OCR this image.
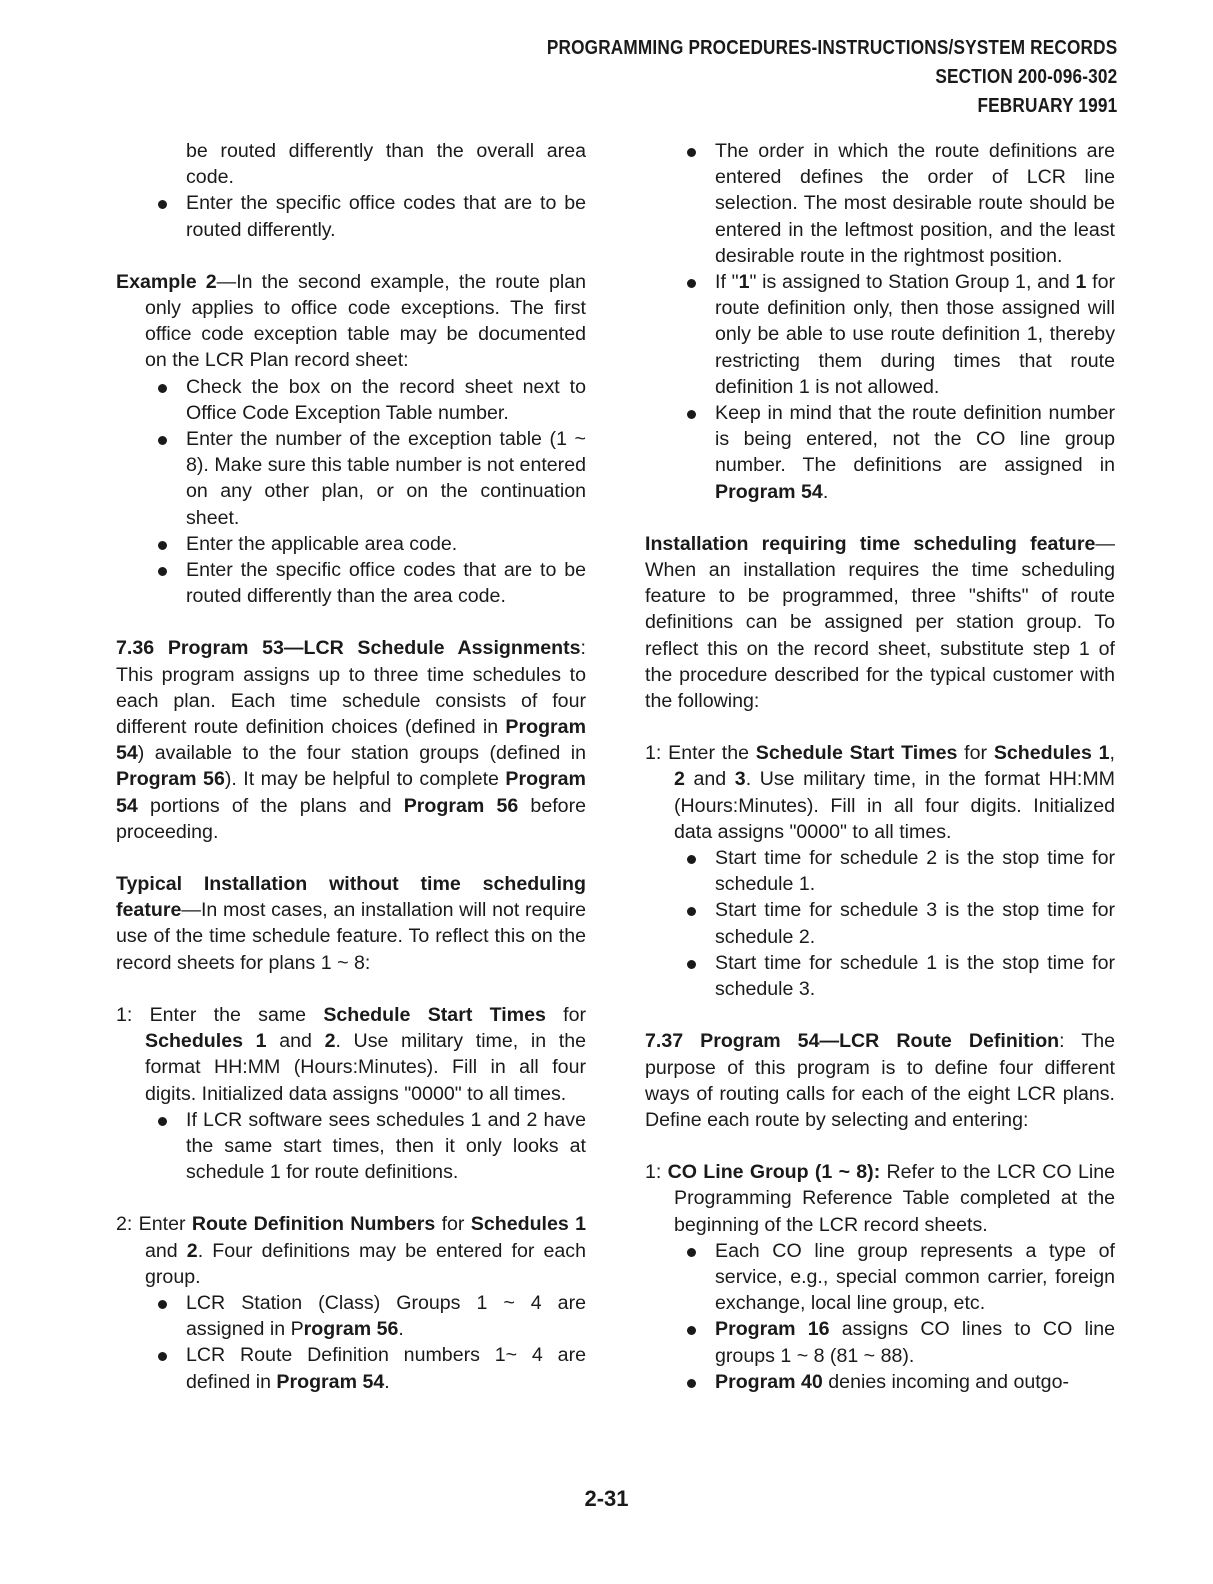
PROGRAMMING PROCEDURES-INSTRUCTIONS/SYSTEM RECORDS
SECTION 200-096-302
FEBRUARY 1991

be routed differently than the overall area code.

Enter the specific office codes that are to be routed differently.

Example 2—In the second example, the route plan only applies to office code exceptions. The first office code exception table may be documented on the LCR Plan record sheet:

Check the box on the record sheet next to Office Code Exception Table number.
Enter the number of the exception table (1 ~ 8). Make sure this table number is not entered on any other plan, or on the continuation sheet.
Enter the applicable area code.
Enter the specific office codes that are to be routed differently than the area code.

7.36 Program 53—LCR Schedule Assignments: This program assigns up to three time schedules to each plan. Each time schedule consists of four different route definition choices (defined in Program 54) available to the four station groups (defined in Program 56). It may be helpful to complete Program 54 portions of the plans and Program 56 before proceeding.

Typical Installation without time scheduling feature—In most cases, an installation will not require use of the time schedule feature. To reflect this on the record sheets for plans 1 ~ 8:

1: Enter the same Schedule Start Times for Schedules 1 and 2. Use military time, in the format HH:MM (Hours:Minutes). Fill in all four digits. Initialized data assigns "0000" to all times.

If LCR software sees schedules 1 and 2 have the same start times, then it only looks at schedule 1 for route definitions.

2: Enter Route Definition Numbers for Schedules 1 and 2. Four definitions may be entered for each group.

LCR Station (Class) Groups 1 ~ 4 are assigned in Program 56.
LCR Route Definition numbers 1~ 4 are defined in Program 54.
The order in which the route definitions are entered defines the order of LCR line selection. The most desirable route should be entered in the leftmost position, and the least desirable route in the rightmost position.
If "1" is assigned to Station Group 1, and 1 for route definition only, then those assigned will only be able to use route definition 1, thereby restricting them during times that route definition 1 is not allowed.
Keep in mind that the route definition number is being entered, not the CO line group number. The definitions are assigned in Program 54.

Installation requiring time scheduling feature—When an installation requires the time scheduling feature to be programmed, three "shifts" of route definitions can be assigned per station group. To reflect this on the record sheet, substitute step 1 of the procedure described for the typical customer with the following:

1: Enter the Schedule Start Times for Schedules 1, 2 and 3. Use military time, in the format HH:MM (Hours:Minutes). Fill in all four digits. Initialized data assigns "0000" to all times.

Start time for schedule 2 is the stop time for schedule 1.
Start time for schedule 3 is the stop time for schedule 2.
Start time for schedule 1 is the stop time for schedule 3.

7.37 Program 54—LCR Route Definition: The purpose of this program is to define four different ways of routing calls for each of the eight LCR plans. Define each route by selecting and entering:

1: CO Line Group (1 ~ 8): Refer to the LCR CO Line Programming Reference Table completed at the beginning of the LCR record sheets.

Each CO line group represents a type of service, e.g., special common carrier, foreign exchange, local line group, etc.
Program 16 assigns CO lines to CO line groups 1 ~ 8 (81 ~ 88).
Program 40 denies incoming and outgo-
2-31
